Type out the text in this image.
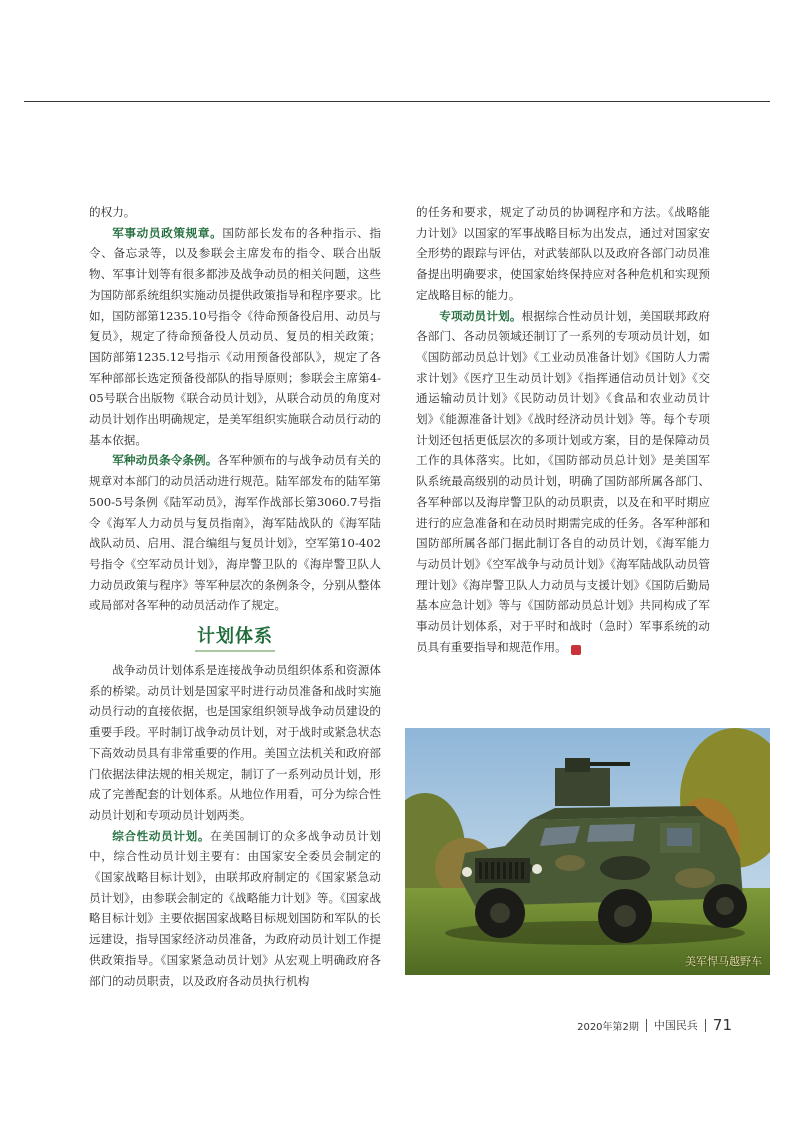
的权力。

军事动员政策规章。国防部长发布的各种指示、指令、备忘录等，以及参联会主席发布的指令、联合出版物、军事计划等有很多都涉及战争动员的相关问题，这些为国防部系统组织实施动员提供政策指导和程序要求。比如，国防部第1235.10号指令《待命预备役启用、动员与复员》，规定了待命预备役人员动员、复员的相关政策；国防部第1235.12号指示《动用预备役部队》，规定了各军种部部长选定预备役部队的指导原则；参联会主席第4-05号联合出版物《联合动员计划》，从联合动员的角度对动员计划作出明确规定，是美军组织实施联合动员行动的基本依据。

军种动员条令条例。各军种颁布的与战争动员有关的规章对本部门的动员活动进行规范。陆军部发布的陆军第500-5号条例《陆军动员》，海军作战部长第3060.7号指令《海军人力动员与复员指南》，海军陆战队的《海军陆战队动员、启用、混合编组与复员计划》，空军第10-402号指令《空军动员计划》，海岸警卫队的《海岸警卫队人力动员政策与程序》等军种层次的条例条令，分别从整体或局部对各军种的动员活动作了规定。

计划体系

战争动员计划体系是连接战争动员组织体系和资源体系的桥梁。动员计划是国家平时进行动员准备和战时实施动员行动的直接依据，也是国家组织领导战争动员建设的重要手段。平时制订战争动员计划，对于战时或紧急状态下高效动员具有非常重要的作用。美国立法机关和政府部门依据法律法规的相关规定，制订了一系列动员计划，形成了完善配套的计划体系。从地位作用看，可分为综合性动员计划和专项动员计划两类。

综合性动员计划。在美国制订的众多战争动员计划中，综合性动员计划主要有：由国家安全委员会制定的《国家战略目标计划》，由联邦政府制定的《国家紧急动员计划》，由参联会制定的《战略能力计划》等。《国家战略目标计划》主要依据国家战略目标规划国防和军队的长远建设，指导国家经济动员准备，为政府动员计划工作提供政策指导。《国家紧急动员计划》从宏观上明确政府各部门的动员职责，以及政府各动员执行机构

的任务和要求，规定了动员的协调程序和方法。《战略能力计划》以国家的军事战略目标为出发点，通过对国家安全形势的跟踪与评估，对武装部队以及政府各部门动员准备提出明确要求，使国家始终保持应对各种危机和实现预定战略目标的能力。

专项动员计划。根据综合性动员计划，美国联邦政府各部门、各动员领域还制订了一系列的专项动员计划，如《国防部动员总计划》《工业动员准备计划》《国防人力需求计划》《医疗卫生动员计划》《指挥通信动员计划》《交通运输动员计划》《民防动员计划》《食品和农业动员计划》《能源准备计划》《战时经济动员计划》等。每个专项计划还包括更低层次的多项计划或方案，目的是保障动员工作的具体落实。比如，《国防部动员总计划》是美国军队系统最高级别的动员计划，明确了国防部所属各部门、各军种部以及海岸警卫队的动员职责，以及在和平时期应进行的应急准备和在动员时期需完成的任务。各军种部和国防部所属各部门据此制订各自的动员计划，《海军能力与动员计划》《空军战争与动员计划》《海军陆战队动员管理计划》《海岸警卫队人力动员与支援计划》《国防后勤局基本应急计划》等与《国防部动员总计划》共同构成了军事动员计划体系，对于平时和战时（急时）军事系统的动员具有重要指导和规范作用。	■

美军悍马越野车
2020年第2期 中国民兵 71
